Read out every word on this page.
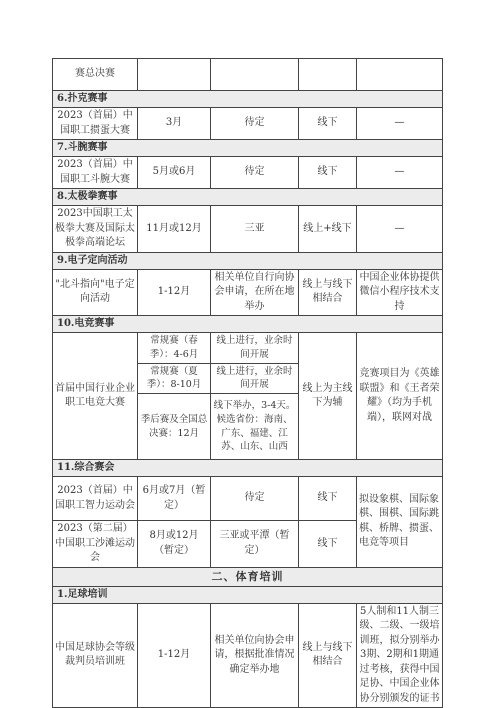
赛总决赛				
6.扑克赛事				
2023（首届）中国职工掼蛋大赛	3月	待定	线下	—
7.斗腕赛事				
2023（首届）中国职工斗腕大赛	5月或6月	待定	线下	—
8.太极拳赛事				
2023中国职工太极拳大赛及国际太极拳高端论坛	11月或12月	三亚	线上+线下	—
9.电子定向活动				
"北斗指向"电子定向活动	1-12月	相关单位自行向协会申请，在所在地举办	线上与线下相结合	中国企业体协提供微信小程序技术支持
10.电竞赛事				
首届中国行业企业职工电竞大赛	常规赛（春季）：4-6月	线上进行，业余时间开展	线上为主线下为辅	竞赛项目为《英雄联盟》和《王者荣耀》（均为手机端），联网对战
	常规赛（夏季）：8-10月	线上进行，业余时间开展		
	季后赛及全国总决赛：12月	线下举办，3-4天。候选省份：海南、广东、福建、江苏、山东、山西		
11.综合赛会				
2023（首届）中国职工智力运动会	6月或7月（暂定）	待定	线下	拟设象棋、国际象棋、围棋、国际跳棋、桥牌、掼蛋、电竞等项目
2023（第二届）中国职工沙滩运动会	8月或12月（暂定）	三亚或平潭（暂定）	线下	
二、体育培训				
1.足球培训				
中国足球协会等级裁判员培训班	1-12月	相关单位向协会申请，根据批准情况确定举办地	线上与线下相结合	5人制和11人制三级、二级、一级培训班，拟分别举办3期、2期和1期通过考核，获得中国足协、中国企业体协分别颁发的证书
